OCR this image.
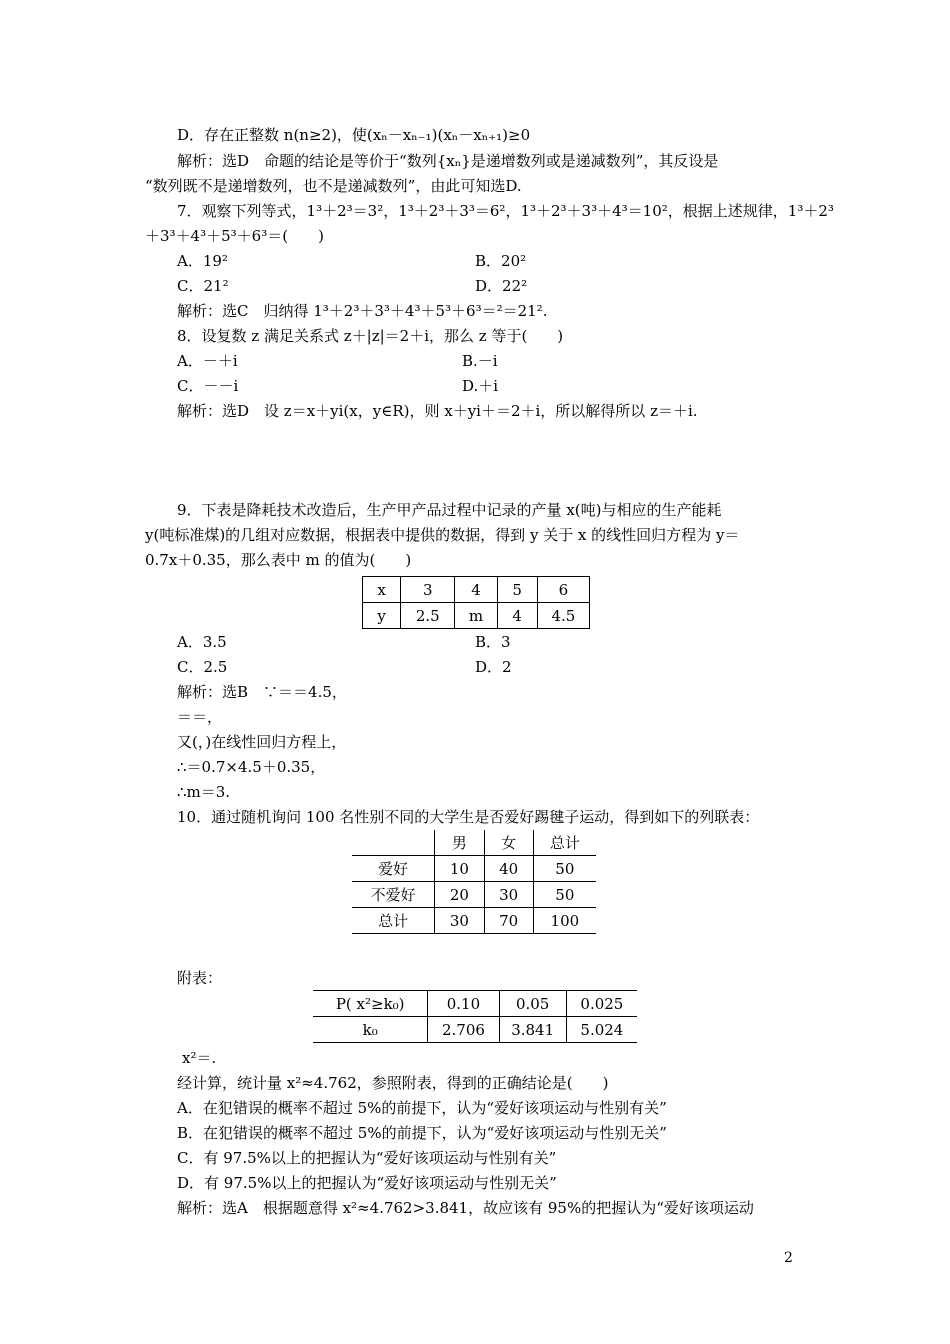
D．存在正整数 n(n≥2)，使(xₙ－xₙ₋₁)(xₙ－xₙ₊₁)≥0
解析：选D　命题的结论是等价于“数列{xₙ}是递增数列或是递减数列”，其反设是
“数列既不是递增数列，也不是递减数列”，由此可知选D.
7．观察下列等式，1³＋2³＝3²，1³＋2³＋3³＝6²，1³＋2³＋3³＋4³＝10²，根据上述规律，1³＋2³
＋3³＋4³＋5³＋6³＝(　　)
A．19²	B．20²
C．21²	D．22²
解析：选C　归纳得 1³＋2³＋3³＋4³＋5³＋6³＝²＝21².
8．设复数 z 满足关系式 z＋|z|＝2＋i，那么 z 等于(　　)
A．－＋i	B.－i
C．－－i	D.＋i
解析：选D　设 z＝x＋yi(x，y∈R)，则 x＋yi＋＝2＋i，所以解得所以 z＝＋i.
9．下表是降耗技术改造后，生产甲产品过程中记录的产量 x(吨)与相应的生产能耗
y(吨标准煤)的几组对应数据，根据表中提供的数据，得到 y 关于 x 的线性回归方程为 y＝
0.7x＋0.35，那么表中 m 的值为(　　)
x	3	4	5	6
y	2.5	m	4	4.5
A．3.5	B．3
C．2.5	D．2
解析：选B　∵＝＝4.5，
＝＝，
又(，)在线性回归方程上，
∴＝0.7×4.5＋0.35，
∴m＝3.
10．通过随机询问 100 名性别不同的大学生是否爱好踢毽子运动，得到如下的列联表：
	男	女	总计
爱好	10	40	50
不爱好	20	30	50
总计	30	70	100
附表：
P( x²≥k₀)	0.10	0.05	0.025
k₀	2.706	3.841	5.024
x²＝.
经计算，统计量 x²≈4.762，参照附表，得到的正确结论是(　　)
A．在犯错误的概率不超过 5%的前提下，认为“爱好该项运动与性别有关”
B．在犯错误的概率不超过 5%的前提下，认为“爱好该项运动与性别无关”
C．有 97.5%以上的把握认为“爱好该项运动与性别有关”
D．有 97.5%以上的把握认为“爱好该项运动与性别无关”
解析：选A　根据题意得 x²≈4.762>3.841，故应该有 95%的把握认为“爱好该项运动
2
